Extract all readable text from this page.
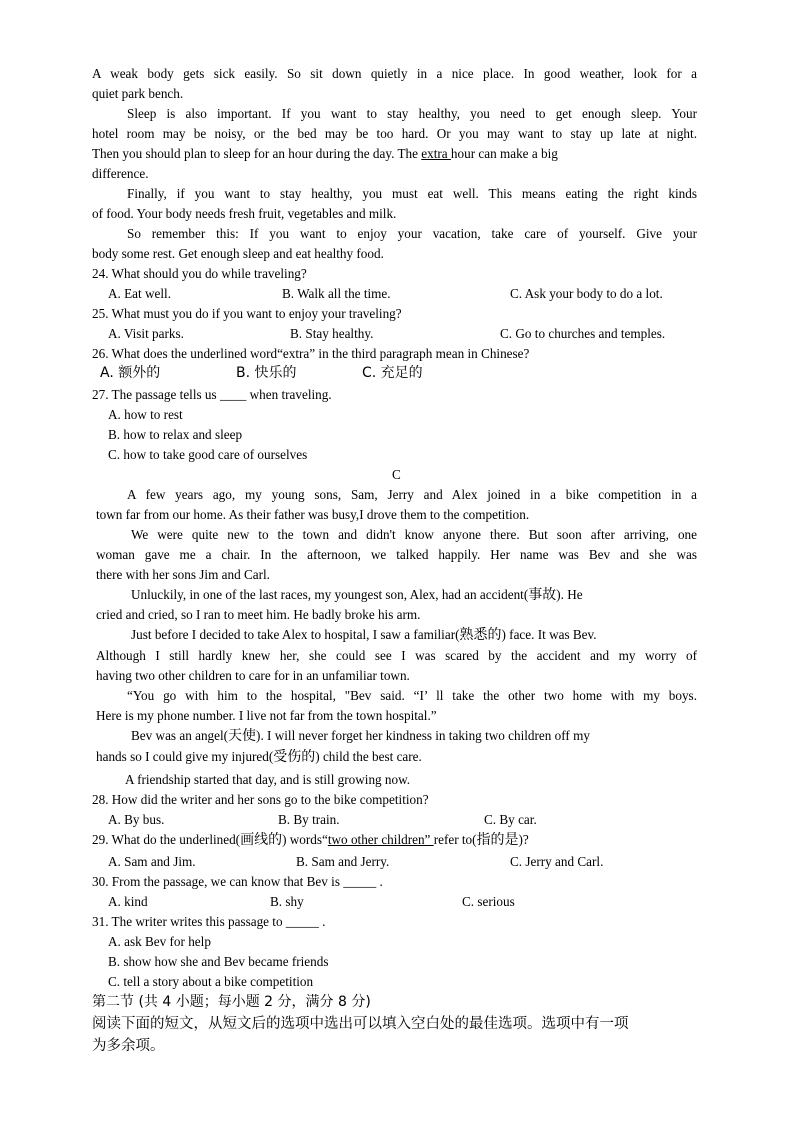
A weak body gets sick easily. So sit down quietly in a nice place. In good weather, look for a
quiet park bench.
Sleep is also important. If you want to stay healthy, you need to get enough sleep. Your
hotel room may be noisy, or the bed may be too hard. Or you may want to stay up late at night.
Then you should plan to sleep for an hour during the day. The extra hour can make a big
difference.
Finally, if you want to stay healthy, you must eat well. This means eating the right kinds
of food. Your body needs fresh fruit, vegetables and milk.
So remember this: If you want to enjoy your vacation, take care of yourself. Give your
body some rest. Get enough sleep and eat healthy food.
24. What should you do while traveling?
A. Eat well.	B. Walk all the time.	C. Ask your body to do a lot.
25. What must you do if you want to enjoy your traveling?
A. Visit parks.	B. Stay healthy.	C. Go to churches and temples.
26. What does the underlined word“extra” in the third paragraph mean in Chinese?
A. 额外的	B. 快乐的	C. 充足的
27. The passage tells us ____ when traveling.
A. how to rest
B. how to relax and sleep
C. how to take good care of ourselves
C
A few years ago, my young sons, Sam, Jerry and Alex joined in a bike competition in a
town far from our home. As their father was busy,I drove them to the competition.
We were quite new to the town and didn't know anyone there. But soon after arriving, one
woman gave me a chair. In the afternoon, we talked happily. Her name was Bev and she was
there with her sons Jim and Carl.
Unluckily, in one of the last races, my youngest son, Alex, had an accident(事故). He
cried and cried, so I ran to meet him. He badly broke his arm.
Just before I decided to take Alex to hospital, I saw a familiar(熟悉的) face. It was Bev.
Although I still hardly knew her, she could see I was scared by the accident and my worry of
having two other children to care for in an unfamiliar town.
“You go with him to the hospital, "Bev said. “I’ ll take the other two home with my boys.
Here is my phone number. I live not far from the town hospital.”
Bev was an angel(天使). I will never forget her kindness in taking two children off my
hands so I could give my injured(受伤的) child the best care.
A friendship started that day, and is still growing now.
28. How did the writer and her sons go to the bike competition?
A. By bus.	B. By train.	C. By car.
29. What do the underlined(画线的) words“two other children” refer to(指的是)?
A. Sam and Jim.	B. Sam and Jerry.	C. Jerry and Carl.
30. From the passage, we can know that Bev is _____ .
A. kind	B. shy	C. serious
31. The writer writes this passage to _____ .
A. ask Bev for help
B. show how she and Bev became friends
C. tell a story about a bike competition
第二节 (共 4 小题；每小题 2 分，满分 8 分)
阅读下面的短文，从短文后的选项中选出可以填入空白处的最佳选项。选项中有一项
为多余项。
